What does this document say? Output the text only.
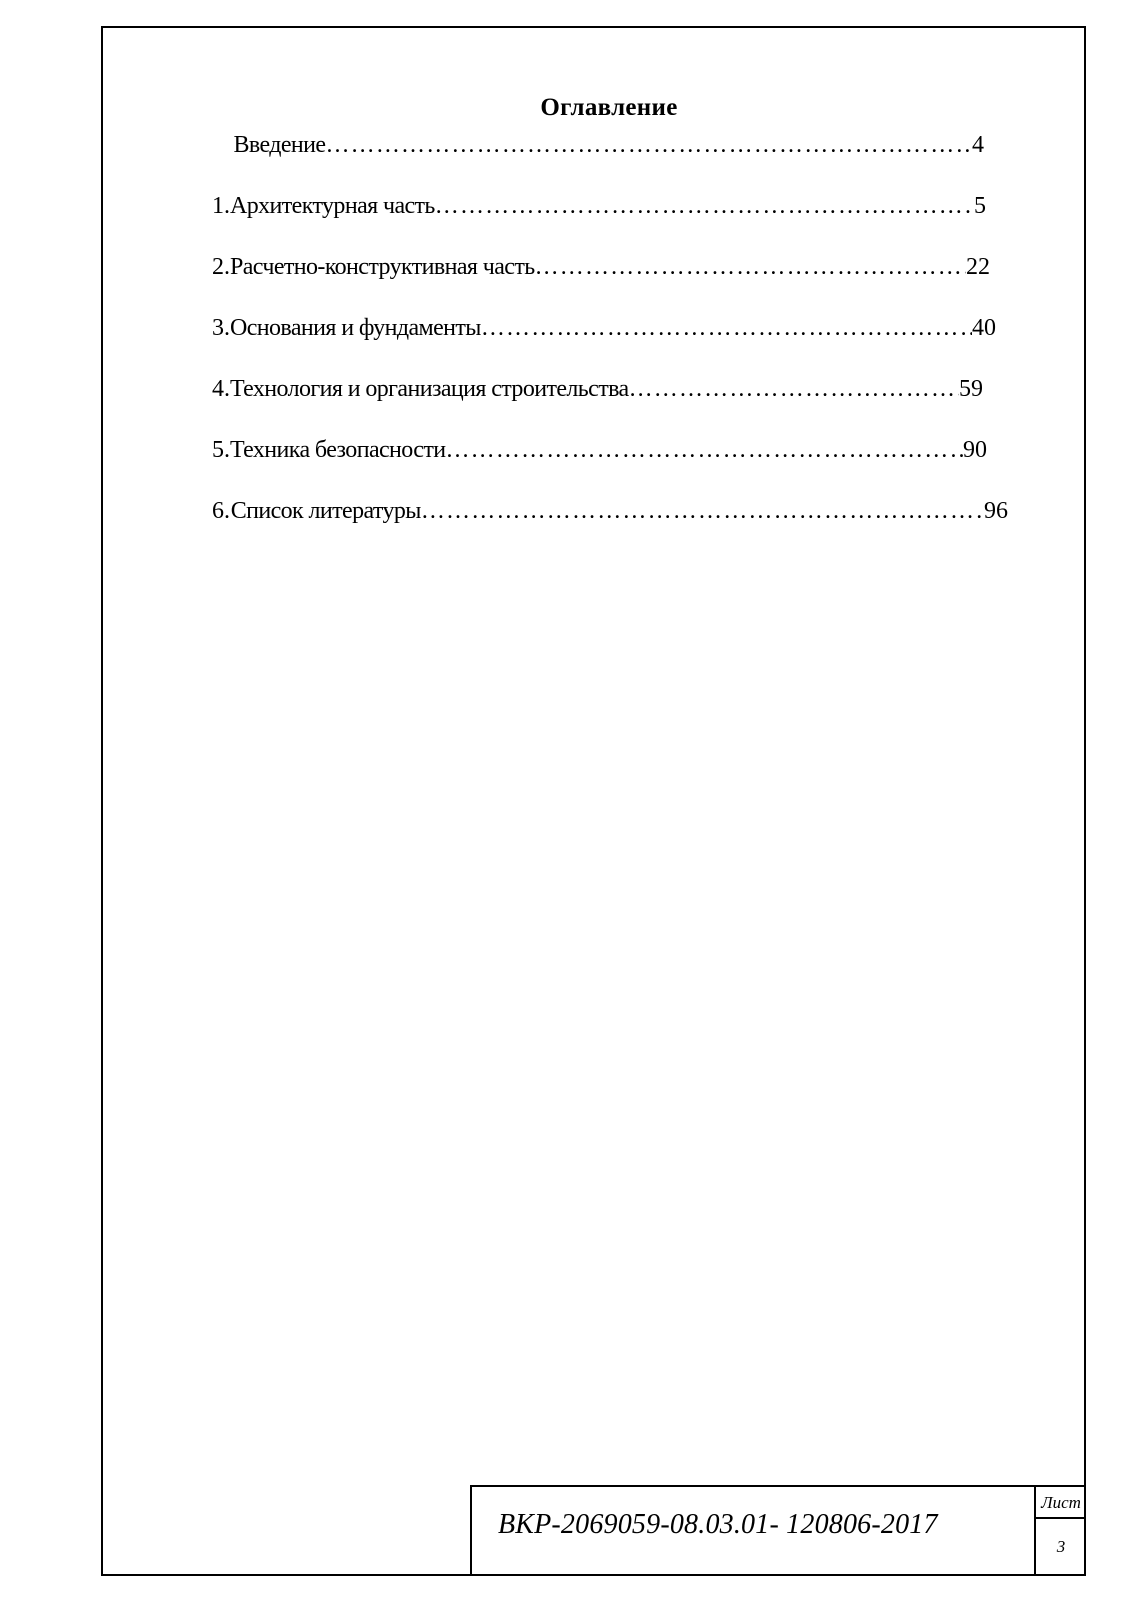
Оглавление
Введение …………………………………………………………………………………………………………………	4
1. Архитектурная часть …………………………………………………………………………………………………………………	5
2. Расчетно-конструктивная часть …………………………………………………………………………………………………………………	22
3. Основания и фундаменты …………………………………………………………………………………………………………………	40
4. Технология и организация строительства …………………………………………………………………………………………………………………	59
5. Техника безопасности …………………………………………………………………………………………………………………	90
6. Список литературы …………………………………………………………………………………………………………………	96
ВКР-2069059-08.03.01- 120806-2017
Лист
3
